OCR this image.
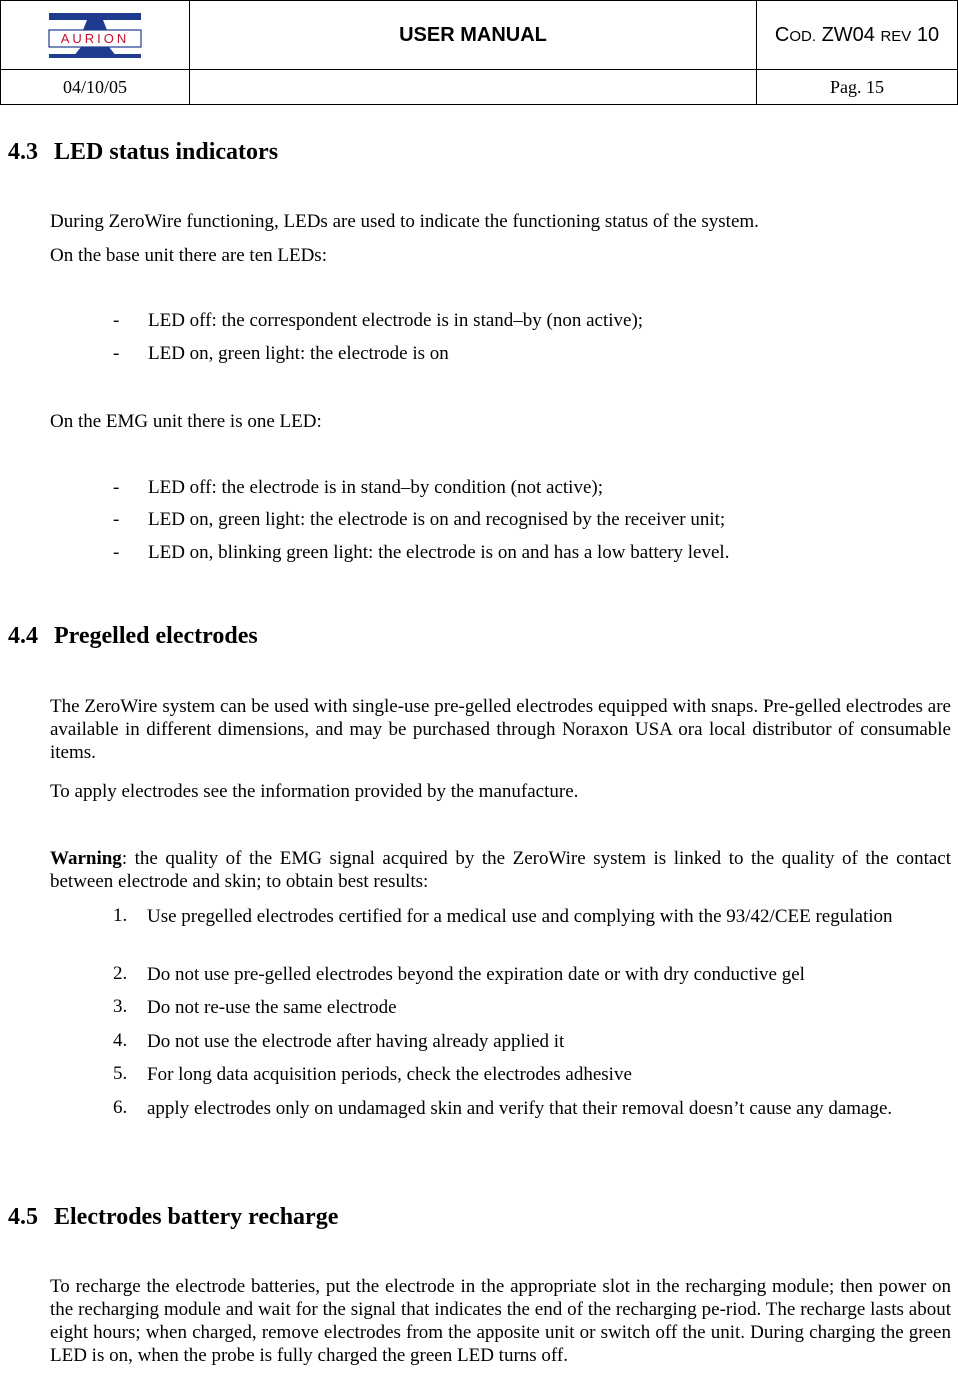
AURION	USER MANUAL	COD. ZW04 REV 10
04/10/05		Pag. 15
4.3 LED status indicators

During ZeroWire functioning, LEDs are used to indicate the functioning status of the system.

On the base unit there are ten LEDs:

- LED off: the correspondent electrode is in stand–by (non active);
- LED on, green light: the electrode is on

On the EMG unit there is one LED:

- LED off: the electrode is in stand–by condition (not active);
- LED on, green light: the electrode is on and recognised by the receiver unit;
- LED on, blinking green light: the electrode is on and has a low battery level.
4.4 Pregelled electrodes

The ZeroWire system can be used with single-use pre-gelled electrodes equipped with snaps. Pre-gelled electrodes are available in different dimensions, and may be purchased through Noraxon USA ora local distributor of consumable items.

To apply electrodes see the information provided by the manufacture.

Warning: the quality of the EMG signal acquired by the ZeroWire system is linked to the quality of the contact between electrode and skin; to obtain best results:

1. Use pregelled electrodes certified for a medical use and complying with the 93/42/CEE regulation
2. Do not use pre-gelled electrodes beyond the expiration date or with dry conductive gel
3. Do not re-use the same electrode
4. Do not use the electrode after having already applied it
5. For long data acquisition periods, check the electrodes adhesive
6. apply electrodes only on undamaged skin and verify that their removal doesn’t cause any damage.
4.5 Electrodes battery recharge

To recharge the electrode batteries, put the electrode in the appropriate slot in the recharging module; then power on the recharging module and wait for the signal that indicates the end of the recharging pe-riod. The recharge lasts about eight hours; when charged, remove electrodes from the apposite unit or switch off the unit. During charging the green LED is on, when the probe is fully charged the green LED turns off.
